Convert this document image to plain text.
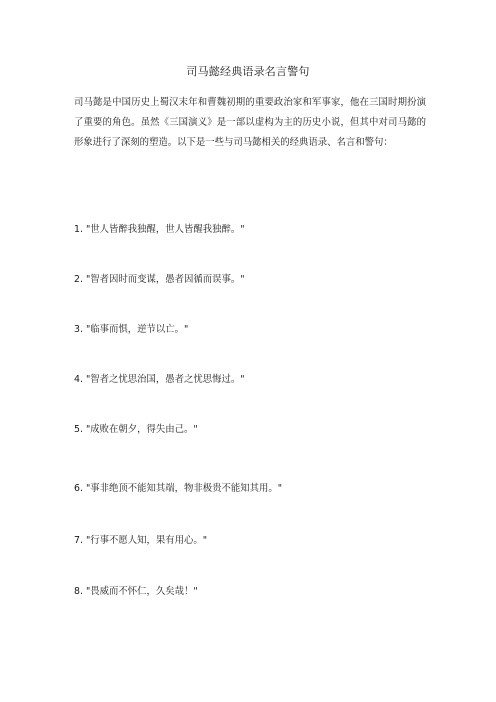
司马懿经典语录名言警句

司马懿是中国历史上蜀汉末年和曹魏初期的重要政治家和军事家，他在三国时期扮演了重要的角色。虽然《三国演义》是一部以虚构为主的历史小说，但其中对司马懿的形象进行了深刻的塑造。以下是一些与司马懿相关的经典语录、名言和警句：

1. "世人皆醉我独醒，世人皆醒我独醉。"

2. "智者因时而变谋，愚者因循而误事。"

3. "临事而惧，逆节以亡。"

4. "智者之忧思治国，愚者之忧思悔过。"

5. "成败在朝夕，得失由己。"

6. "事非绝顶不能知其端，物非极贵不能知其用。"

7. "行事不愿人知，果有用心。"

8. "畏威而不怀仁，久矣哉！"
